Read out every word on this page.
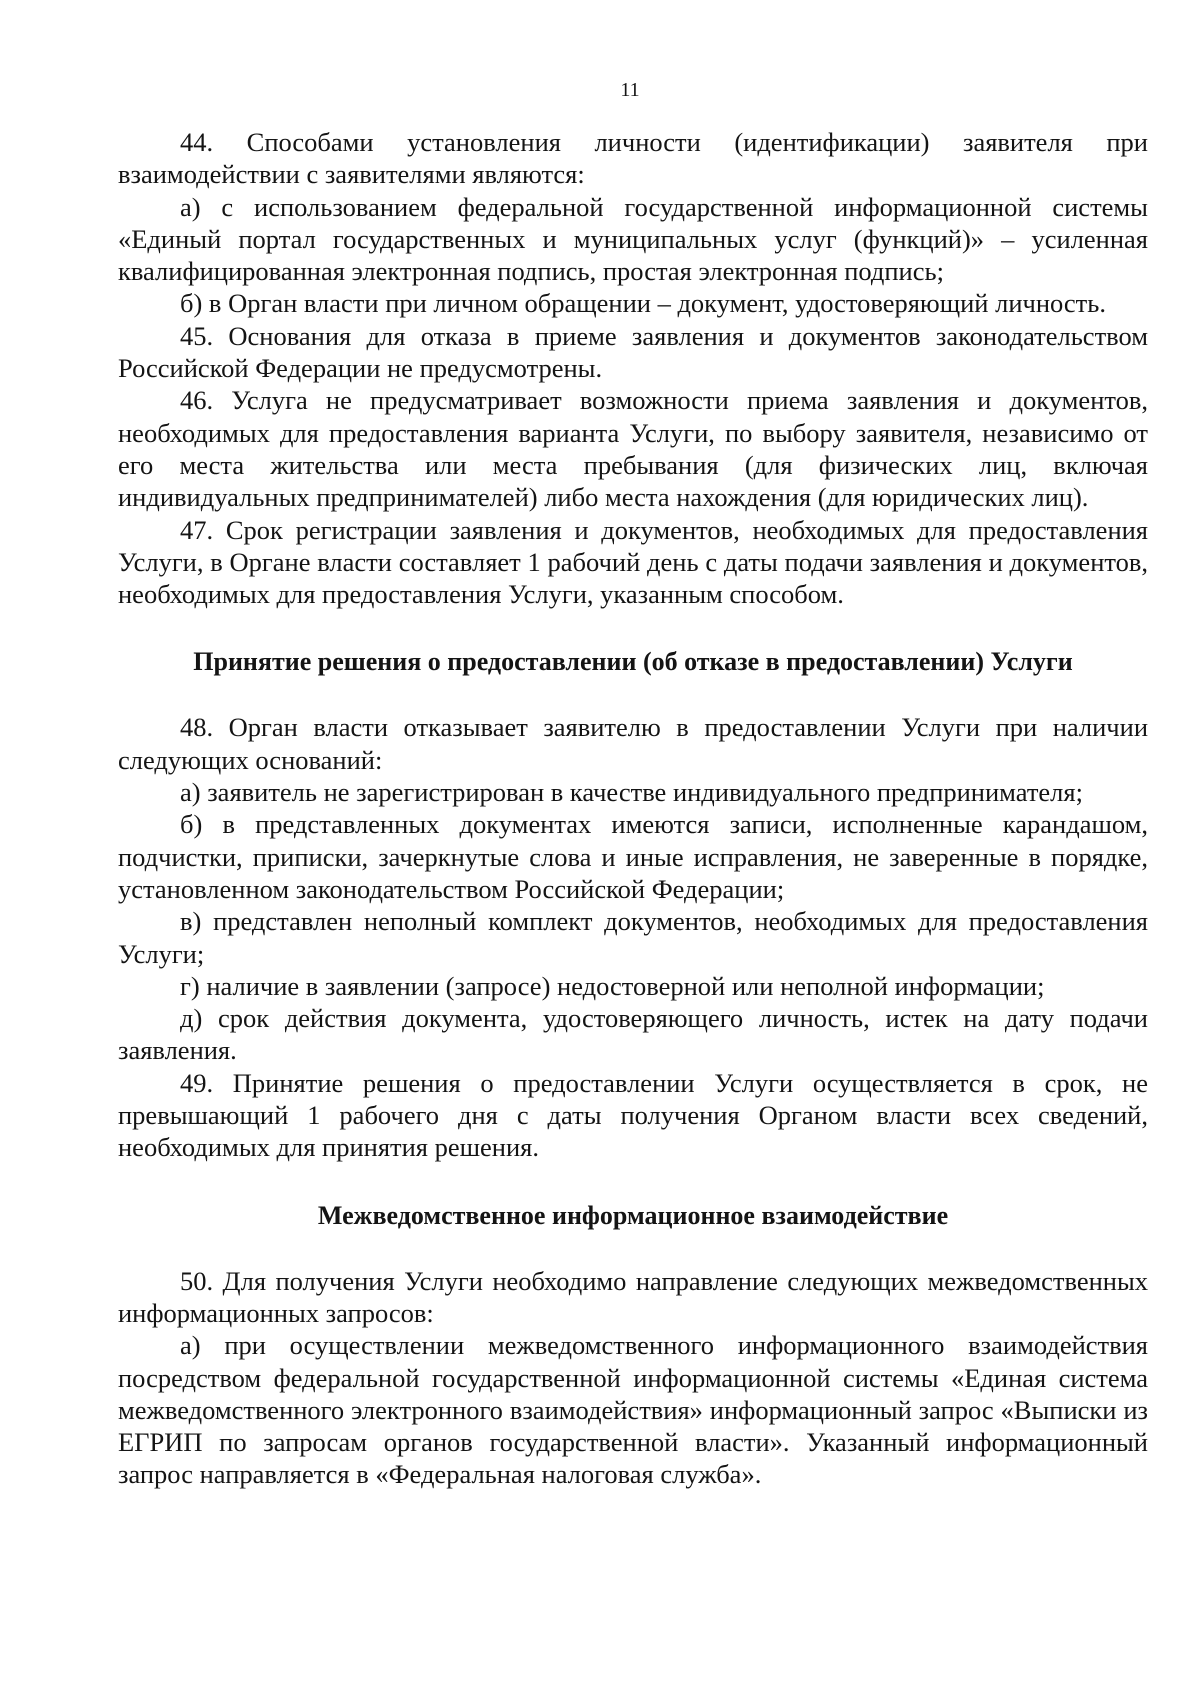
11

44. Способами установления личности (идентификации) заявителя при взаимодействии с заявителями являются:

а) с использованием федеральной государственной информационной системы «Единый портал государственных и муниципальных услуг (функций)» – усиленная квалифицированная электронная подпись, простая электронная подпись;

б) в Орган власти при личном обращении – документ, удостоверяющий личность.

45. Основания для отказа в приеме заявления и документов законодательством Российской Федерации не предусмотрены.

46. Услуга не предусматривает возможности приема заявления и документов, необходимых для предоставления варианта Услуги, по выбору заявителя, независимо от его места жительства или места пребывания (для физических лиц, включая индивидуальных предпринимателей) либо места нахождения (для юридических лиц).

47. Срок регистрации заявления и документов, необходимых для предоставления Услуги, в Органе власти составляет 1 рабочий день с даты подачи заявления и документов, необходимых для предоставления Услуги, указанным способом.

Принятие решения о предоставлении (об отказе в предоставлении) Услуги

48. Орган власти отказывает заявителю в предоставлении Услуги при наличии следующих оснований:

а) заявитель не зарегистрирован в качестве индивидуального предпринимателя;

б) в представленных документах имеются записи, исполненные карандашом, подчистки, приписки, зачеркнутые слова и иные исправления, не заверенные в порядке, установленном законодательством Российской Федерации;

в) представлен неполный комплект документов, необходимых для предоставления Услуги;

г) наличие в заявлении (запросе) недостоверной или неполной информации;

д) срок действия документа, удостоверяющего личность, истек на дату подачи заявления.

49. Принятие решения о предоставлении Услуги осуществляется в срок, не превышающий 1 рабочего дня с даты получения Органом власти всех сведений, необходимых для принятия решения.

Межведомственное информационное взаимодействие

50. Для получения Услуги необходимо направление следующих межведомственных информационных запросов:

а) при осуществлении межведомственного информационного взаимодействия посредством федеральной государственной информационной системы «Единая система межведомственного электронного взаимодействия» информационный запрос «Выписки из ЕГРИП по запросам органов государственной власти». Указанный информационный запрос направляется в «Федеральная налоговая служба».
